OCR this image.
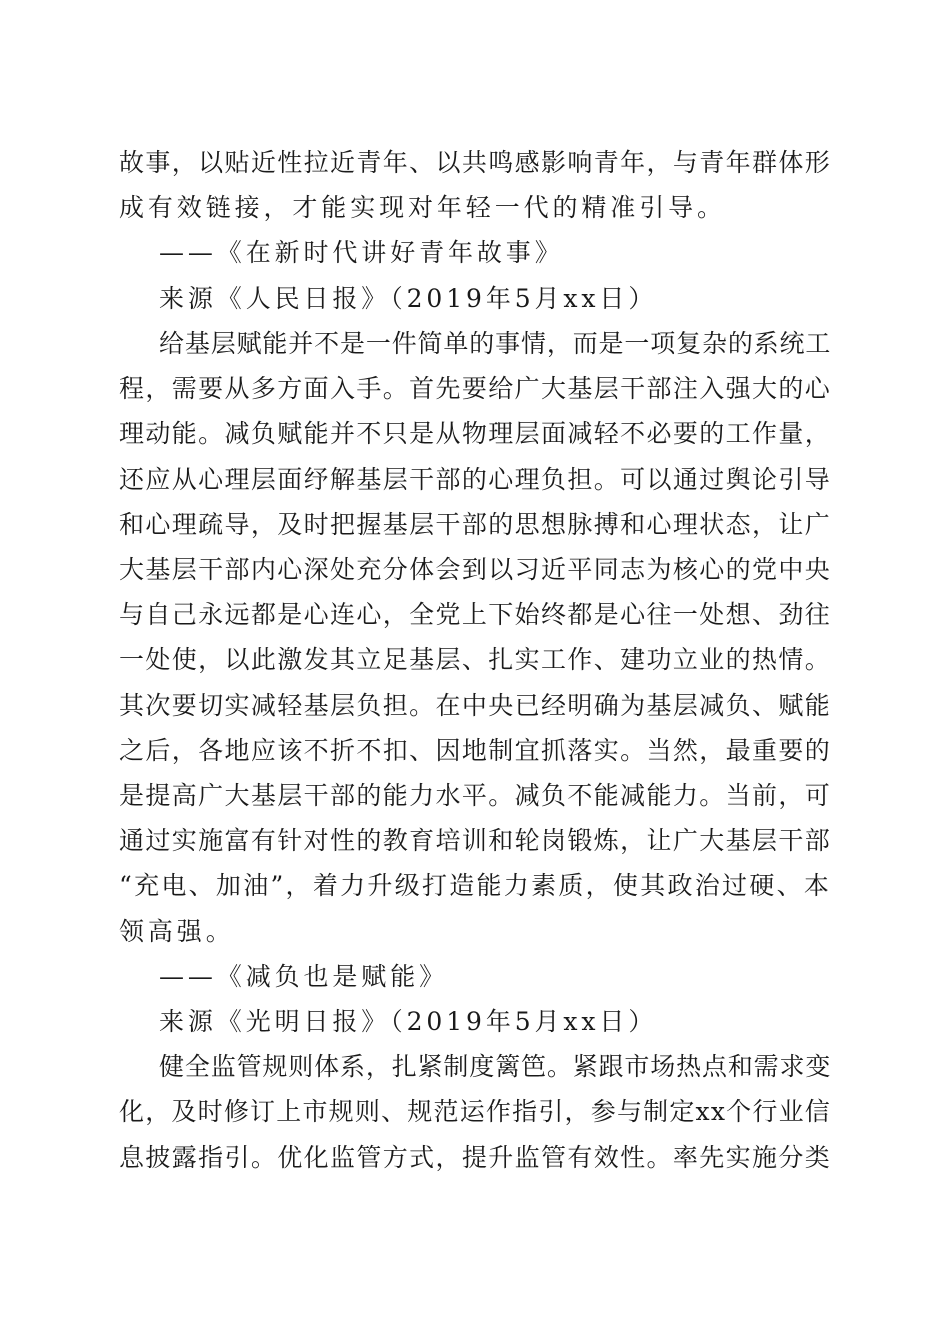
故事，以贴近性拉近青年、以共鸣感影响青年，与青年群体形

成有效链接，才能实现对年轻一代的精准引导。

——《在新时代讲好青年故事》

来源《人民日报》（2019年5月xx日）

给基层赋能并不是一件简单的事情，而是一项复杂的系统工

程，需要从多方面入手。首先要给广大基层干部注入强大的心

理动能。减负赋能并不只是从物理层面减轻不必要的工作量，

还应从心理层面纾解基层干部的心理负担。可以通过舆论引导

和心理疏导，及时把握基层干部的思想脉搏和心理状态，让广

大基层干部内心深处充分体会到以习近平同志为核心的党中央

与自己永远都是心连心，全党上下始终都是心往一处想、劲往

一处使，以此激发其立足基层、扎实工作、建功立业的热情。

其次要切实减轻基层负担。在中央已经明确为基层减负、赋能

之后，各地应该不折不扣、因地制宜抓落实。当然，最重要的

是提高广大基层干部的能力水平。减负不能减能力。当前，可

通过实施富有针对性的教育培训和轮岗锻炼，让广大基层干部

“充电、加油”，着力升级打造能力素质，使其政治过硬、本

领高强。

——《减负也是赋能》

来源《光明日报》（2019年5月xx日）

健全监管规则体系，扎紧制度篱笆。紧跟市场热点和需求变

化，及时修订上市规则、规范运作指引，参与制定xx个行业信

息披露指引。优化监管方式，提升监管有效性。率先实施分类
